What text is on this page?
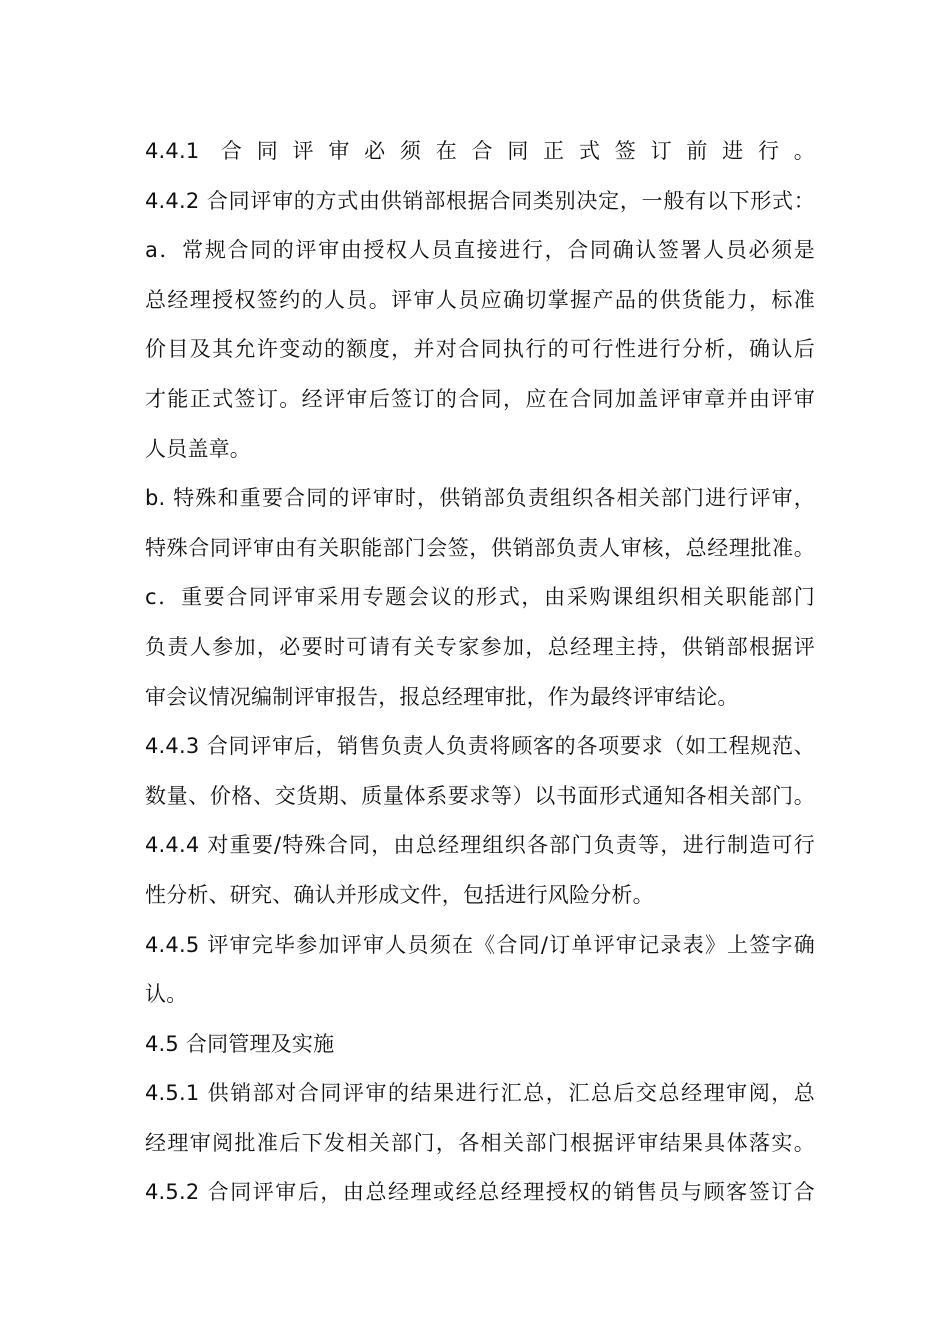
4.4.1 合同评审必须在合同正式签订前进行。
4.4.2 合同评审的方式由供销部根据合同类别决定，一般有以下形式：
a．常规合同的评审由授权人员直接进行，合同确认签署人员必须是
总经理授权签约的人员。评审人员应确切掌握产品的供货能力，标准
价目及其允许变动的额度，并对合同执行的可行性进行分析，确认后
才能正式签订。经评审后签订的合同，应在合同加盖评审章并由评审
人员盖章。
b. 特殊和重要合同的评审时，供销部负责组织各相关部门进行评审，
特殊合同评审由有关职能部门会签，供销部负责人审核，总经理批准。
c．重要合同评审采用专题会议的形式，由采购课组织相关职能部门
负责人参加，必要时可请有关专家参加，总经理主持，供销部根据评
审会议情况编制评审报告，报总经理审批，作为最终评审结论。
4.4.3 合同评审后，销售负责人负责将顾客的各项要求（如工程规范、
数量、价格、交货期、质量体系要求等）以书面形式通知各相关部门。
4.4.4 对重要/特殊合同，由总经理组织各部门负责等，进行制造可行
性分析、研究、确认并形成文件，包括进行风险分析。
4.4.5 评审完毕参加评审人员须在《合同/订单评审记录表》上签字确
认。
4.5 合同管理及实施
4.5.1 供销部对合同评审的结果进行汇总，汇总后交总经理审阅，总
经理审阅批准后下发相关部门，各相关部门根据评审结果具体落实。
4.5.2 合同评审后，由总经理或经总经理授权的销售员与顾客签订合
